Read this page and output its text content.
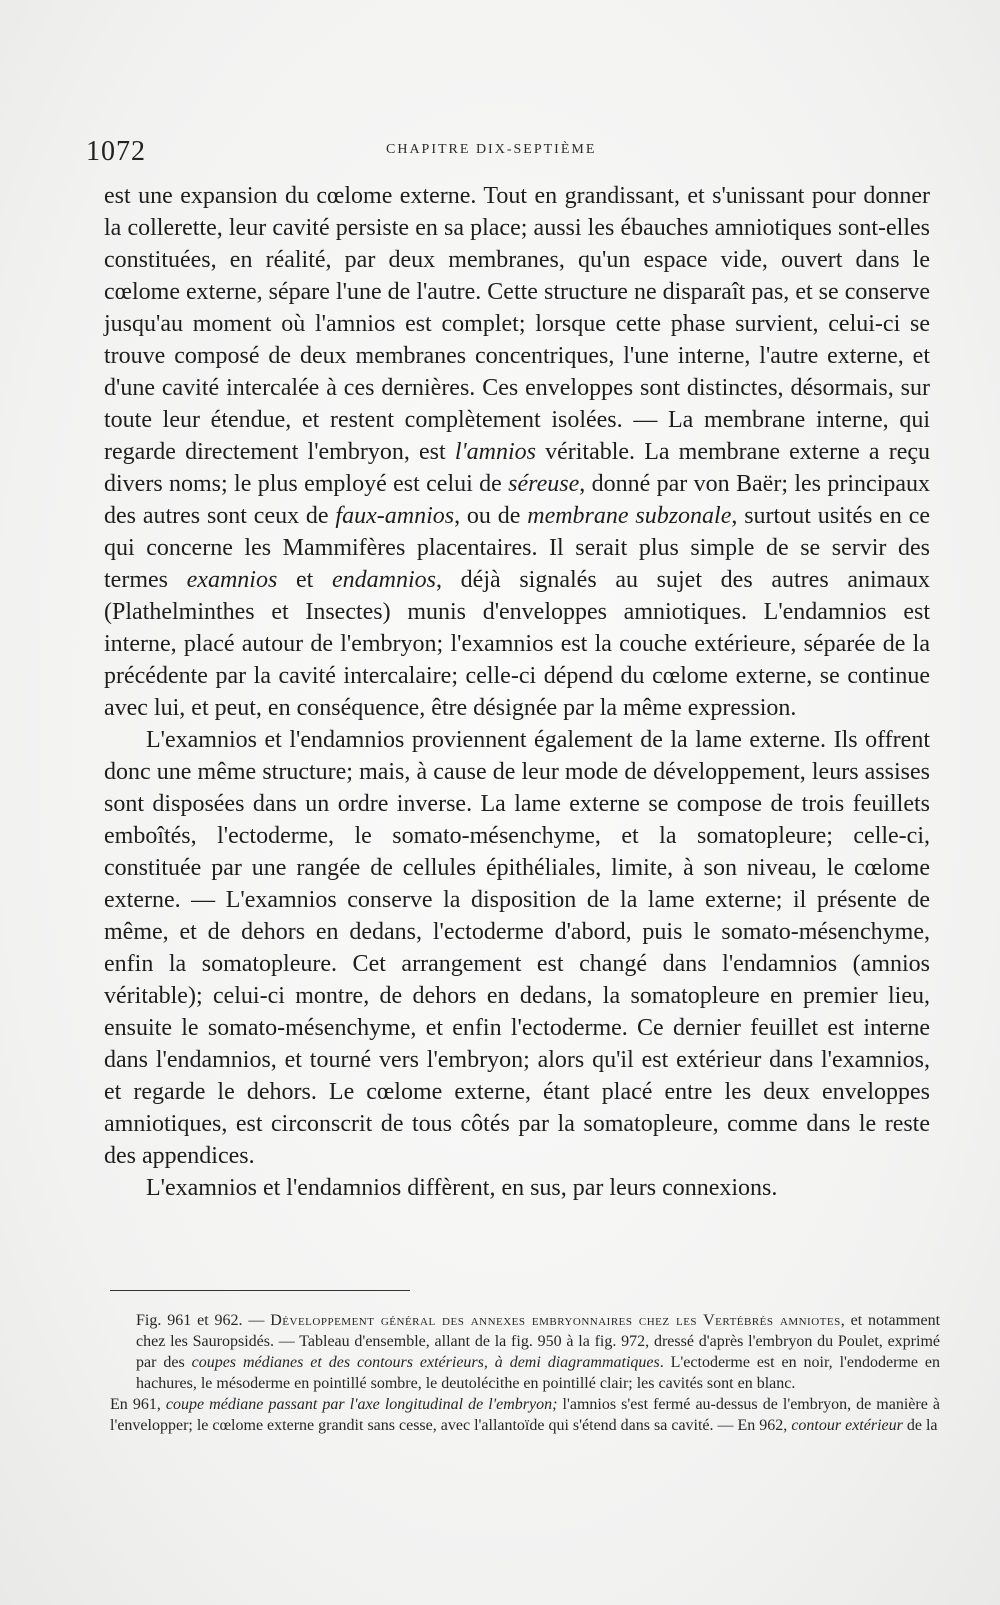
1072	CHAPITRE DIX-SEPTIÈME

est une expansion du cœlome externe. Tout en grandissant, et s'unissant pour donner la collerette, leur cavité persiste en sa place; aussi les ébauches amniotiques sont-elles constituées, en réalité, par deux membranes, qu'un espace vide, ouvert dans le cœlome externe, sépare l'une de l'autre. Cette structure ne disparaît pas, et se conserve jusqu'au moment où l'amnios est complet; lorsque cette phase survient, celui-ci se trouve composé de deux membranes concentriques, l'une interne, l'autre externe, et d'une cavité intercalée à ces dernières. Ces enveloppes sont distinctes, désormais, sur toute leur étendue, et restent complètement isolées. — La membrane interne, qui regarde directement l'embryon, est l'amnios véritable. La membrane externe a reçu divers noms; le plus employé est celui de séreuse, donné par von Baër; les principaux des autres sont ceux de faux-amnios, ou de membrane subzonale, surtout usités en ce qui concerne les Mammifères placentaires. Il serait plus simple de se servir des termes examnios et endamnios, déjà signalés au sujet des autres animaux (Plathelminthes et Insectes) munis d'enveloppes amniotiques. L'endamnios est interne, placé autour de l'embryon; l'examnios est la couche extérieure, séparée de la précédente par la cavité intercalaire; celle-ci dépend du cœlome externe, se continue avec lui, et peut, en conséquence, être désignée par la même expression.

L'examnios et l'endamnios proviennent également de la lame externe. Ils offrent donc une même structure; mais, à cause de leur mode de développement, leurs assises sont disposées dans un ordre inverse. La lame externe se compose de trois feuillets emboîtés, l'ectoderme, le somato-mésenchyme, et la somatopleure; celle-ci, constituée par une rangée de cellules épithéliales, limite, à son niveau, le cœlome externe. — L'examnios conserve la disposition de la lame externe; il présente de même, et de dehors en dedans, l'ectoderme d'abord, puis le somato-mésenchyme, enfin la somatopleure. Cet arrangement est changé dans l'endamnios (amnios véritable); celui-ci montre, de dehors en dedans, la somatopleure en premier lieu, ensuite le somato-mésenchyme, et enfin l'ectoderme. Ce dernier feuillet est interne dans l'endamnios, et tourné vers l'embryon; alors qu'il est extérieur dans l'examnios, et regarde le dehors. Le cœlome externe, étant placé entre les deux enveloppes amniotiques, est circonscrit de tous côtés par la somatopleure, comme dans le reste des appendices.

L'examnios et l'endamnios diffèrent, en sus, par leurs connexions.

Fig. 961 et 962. — Développement général des annexes embryonnaires chez les Vertébrés amniotes, et notamment chez les Sauropsidés. — Tableau d'ensemble, allant de la fig. 950 à la fig. 972, dressé d'après l'embryon du Poulet, exprimé par des coupes médianes et des contours extérieurs, à demi diagrammatiques. L'ectoderme est en noir, l'endoderme en hachures, le mésoderme en pointillé sombre, le deutolécithe en pointillé clair; les cavités sont en blanc.

En 961, coupe médiane passant par l'axe longitudinal de l'embryon; l'amnios s'est fermé au-dessus de l'embryon, de manière à l'envelopper; le cœlome externe grandit sans cesse, avec l'allantoïde qui s'étend dans sa cavité. — En 962, contour extérieur de la
